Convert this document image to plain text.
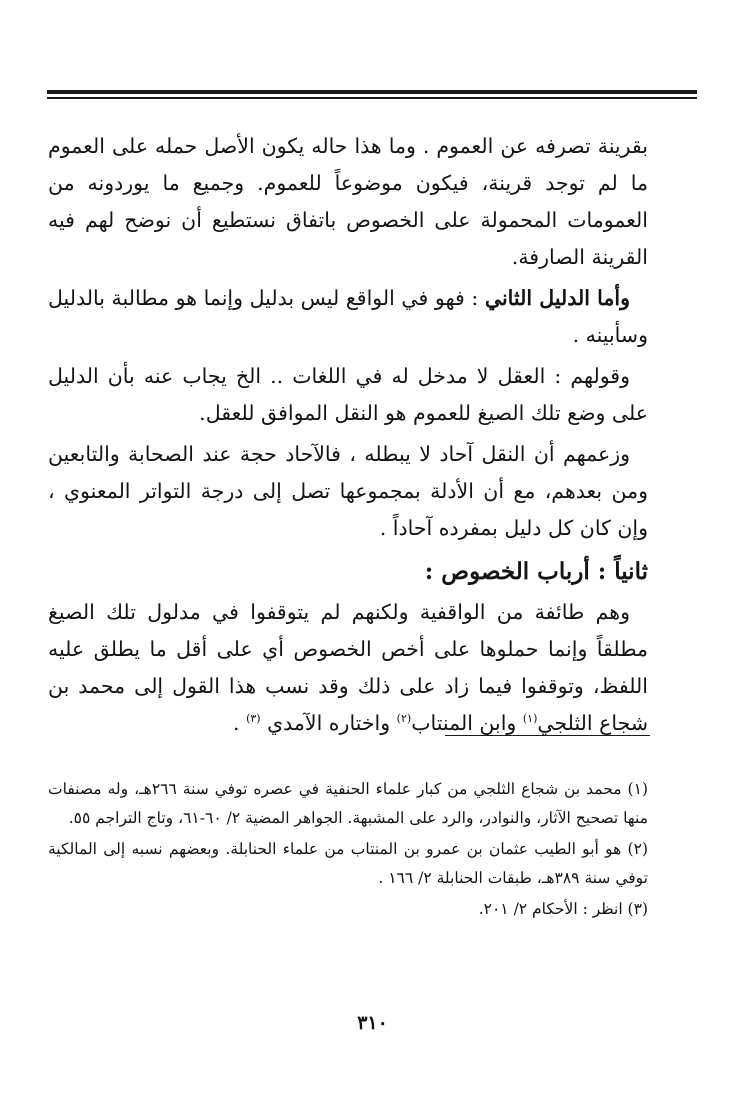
بقرينة تصرفه عن العموم . وما هذا حاله يكون الأصل حمله على العموم ما لم توجد قرينة، فيكون موضوعاً للعموم. وجميع ما يوردونه من العمومات المحمولة على الخصوص باتفاق نستطيع أن نوضح لهم فيه القرينة الصارفة.

وأما الدليل الثاني : فهو في الواقع ليس بدليل وإنما هو مطالبة بالدليل وسأبينه .

وقولهم : العقل لا مدخل له في اللغات .. الخ يجاب عنه بأن الدليل على وضع تلك الصيغ للعموم هو النقل الموافق للعقل.

وزعمهم أن النقل آحاد لا يبطله ، فالآحاد حجة عند الصحابة والتابعين ومن بعدهم، مع أن الأدلة بمجموعها تصل إلى درجة التواتر المعنوي ، وإن كان كل دليل بمفرده آحاداً .

ثانياً : أرباب الخصوص :

وهم طائفة من الواقفية ولكنهم لم يتوقفوا في مدلول تلك الصيغ مطلقاً وإنما حملوها على أخص الخصوص أي على أقل ما يطلق عليه اللفظ، وتوقفوا فيما زاد على ذلك وقد نسب هذا القول إلى محمد بن شجاع الثلجي$^{(١)}$ وابن المنتاب$^{(٢)}$ واختاره الآمدي $^{(٣)}$ .

(١) محمد بن شجاع الثلجي من كبار علماء الحنفية في عصره توفي سنة ٢٦٦هـ، وله مصنفات منها تصحيح الآثار، والنوادر، والرد على المشبهة. الجواهر المضية ٢/ ٦٠-٦١، وتاج التراجم ٥٥.

(٢) هو أبو الطيب عثمان بن عمرو بن المنتاب من علماء الحنابلة. وبعضهم نسبه إلى المالكية توفي سنة ٣٨٩هـ، طبقات الحنابلة ٢/ ١٦٦ .

(٣) انظر : الأحكام ٢/ ٢٠١.

٣١٠
